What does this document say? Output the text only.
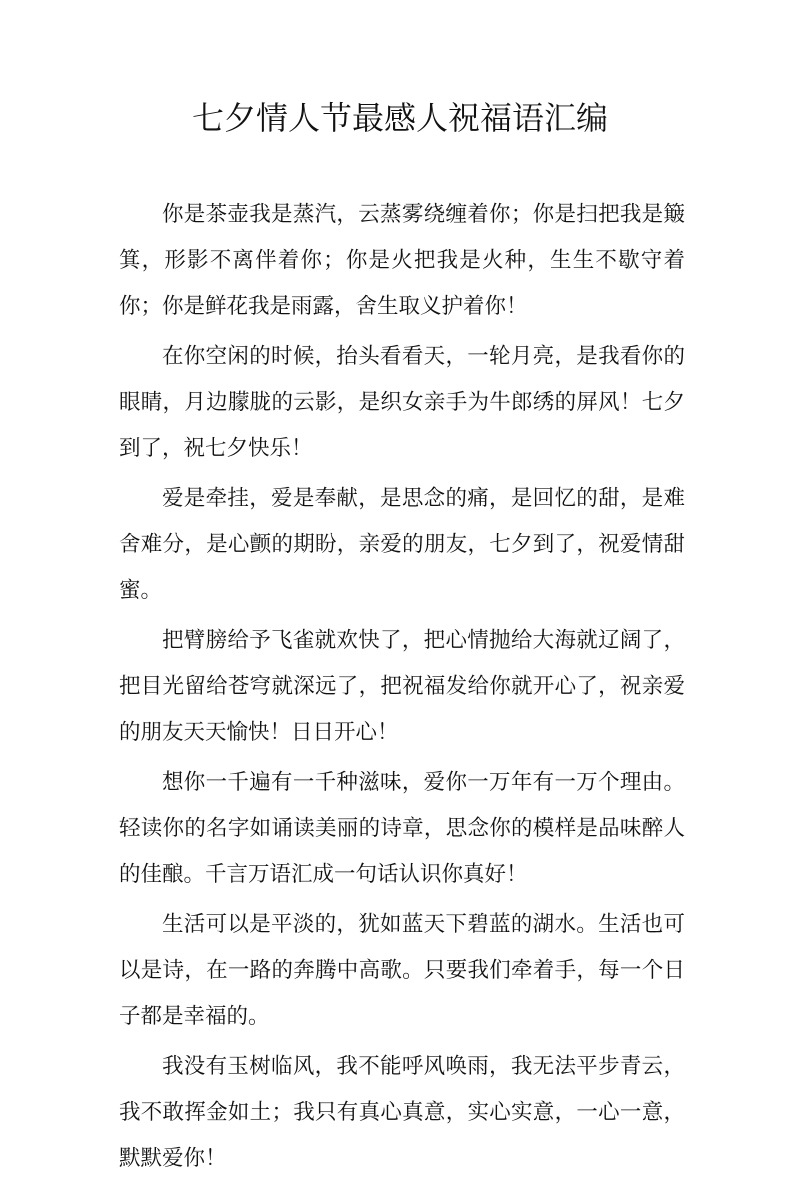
七夕情人节最感人祝福语汇编

你是茶壶我是蒸汽，云蒸雾绕缠着你；你是扫把我是簸箕，形影不离伴着你；你是火把我是火种，生生不歇守着你；你是鲜花我是雨露，舍生取义护着你！

在你空闲的时候，抬头看看天，一轮月亮，是我看你的眼睛，月边朦胧的云影，是织女亲手为牛郎绣的屏风！七夕到了，祝七夕快乐！

爱是牵挂，爱是奉献，是思念的痛，是回忆的甜，是难舍难分，是心颤的期盼，亲爱的朋友，七夕到了，祝爱情甜蜜。

把臂膀给予飞雀就欢快了，把心情抛给大海就辽阔了，把目光留给苍穹就深远了，把祝福发给你就开心了，祝亲爱的朋友天天愉快！日日开心！

想你一千遍有一千种滋味，爱你一万年有一万个理由。轻读你的名字如诵读美丽的诗章，思念你的模样是品味醉人的佳酿。千言万语汇成一句话认识你真好！

生活可以是平淡的，犹如蓝天下碧蓝的湖水。生活也可以是诗，在一路的奔腾中高歌。只要我们牵着手，每一个日子都是幸福的。

我没有玉树临风，我不能呼风唤雨，我无法平步青云，我不敢挥金如土；我只有真心真意，实心实意，一心一意，默默爱你！
